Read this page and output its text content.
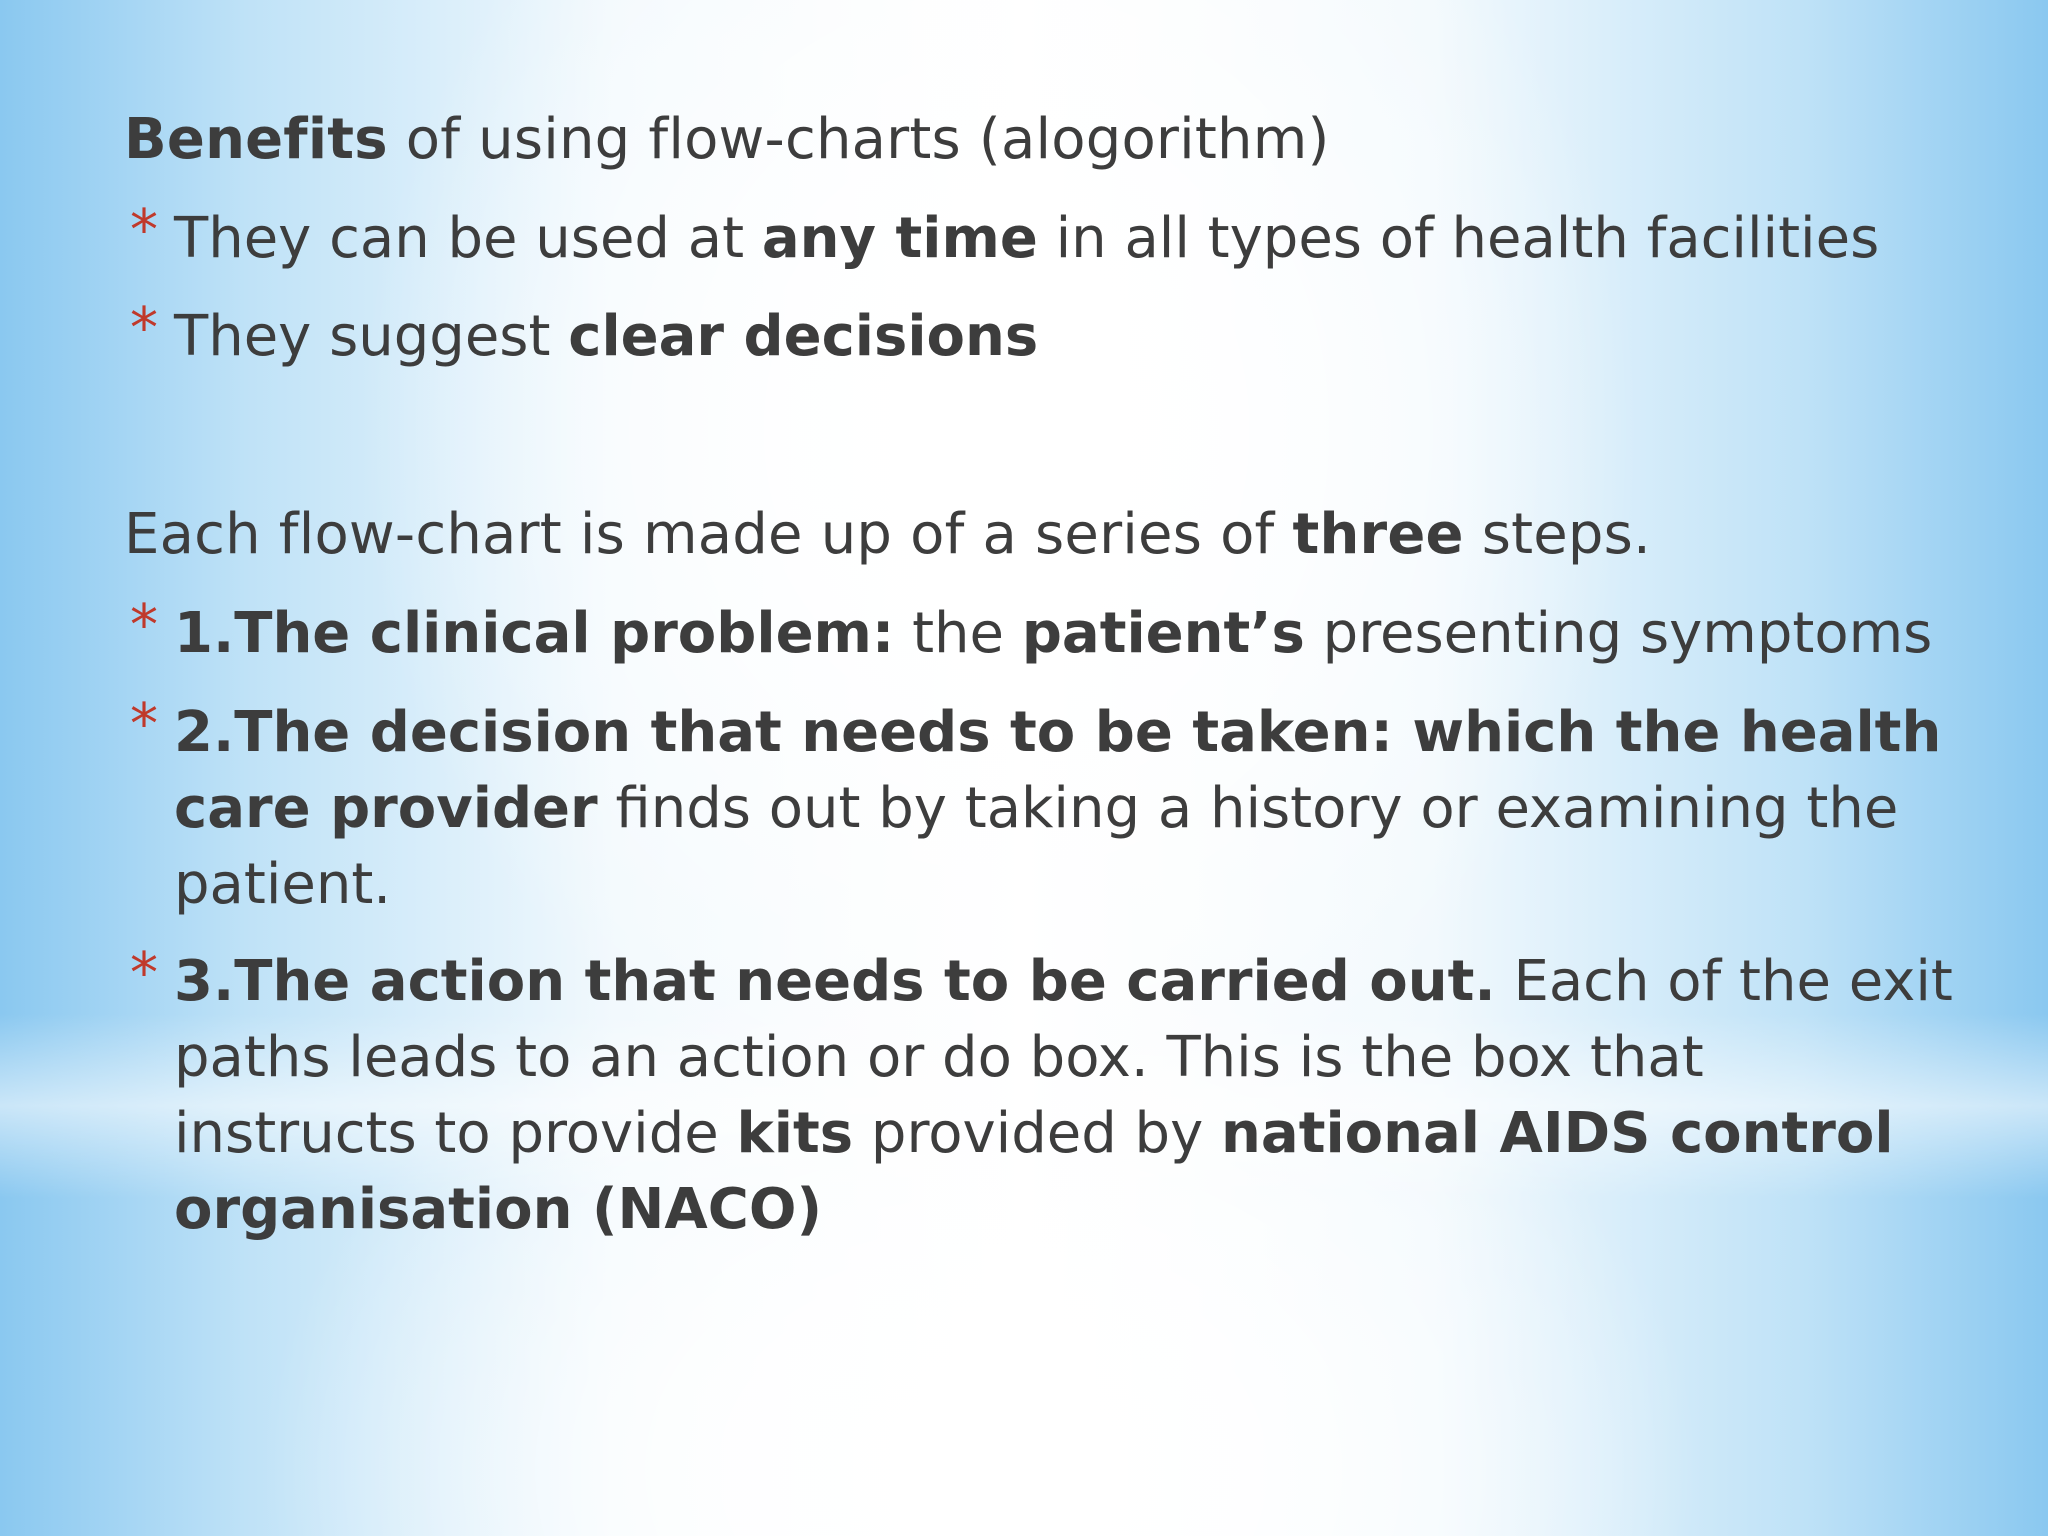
Benefits of using flow-charts (alogorithm)
* They can be used at any time in all types of health facilities
* They suggest clear decisions
Each flow-chart is made up of a series of three steps.
* 1.The clinical problem: the patient’s presenting symptoms
* 2.The decision that needs to be taken: which the health
care provider finds out by taking a history or examining the
patient.
* 3.The action that needs to be carried out. Each of the exit
paths leads to an action or do box. This is the box that
instructs to provide kits provided by national AIDS control
organisation (NACO)
